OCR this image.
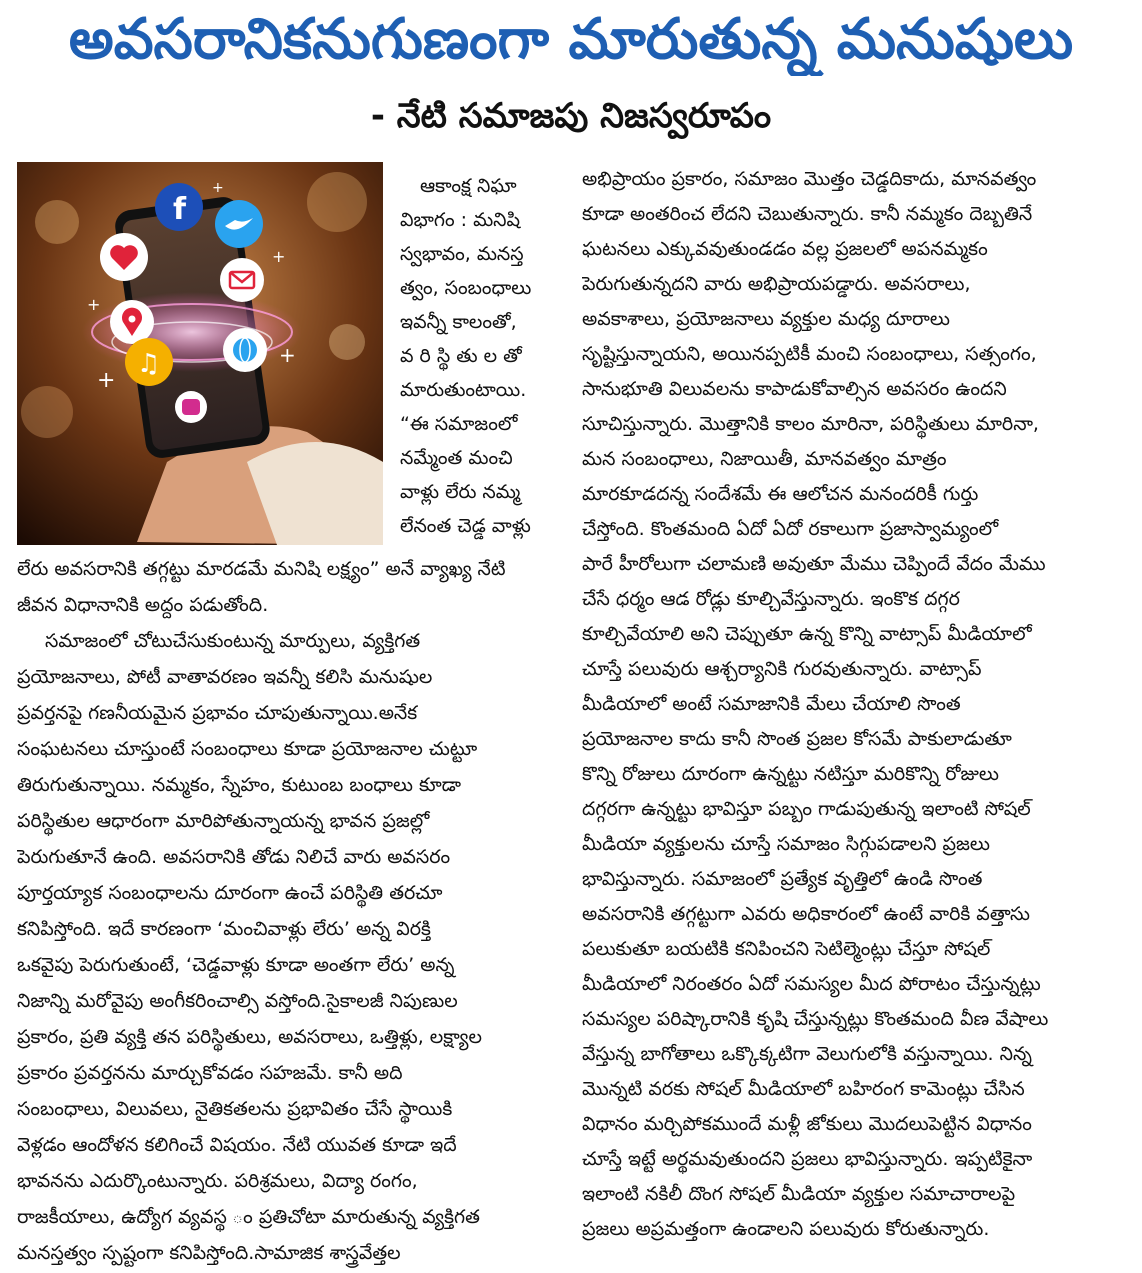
అవసరానికనుగుణంగా మారుతున్న మనుషులు
- నేటి సమాజపు నిజస్వరూపం
f
♫
+
+
+
+
+	ఆకాంక్ష నిఘా
విభాగం : మనిషి
స్వభావం, మనస్త
త్వం, సంబంధాలు
ఇవన్నీ కాలంతో,
వ రి స్థి తు ల తో
మారుతుంటాయి.
“ఈ సమాజంలో
నమ్మేంత మంచి
వాళ్లు లేరు నమ్మ
లేనంత చెడ్డ వాళ్లు
లేరు అవసరానికి తగ్గట్టు మారడమే మనిషి లక్ష్యం” అనే వ్యాఖ్య నేటి
జీవన విధానానికి అద్దం పడుతోంది.
సమాజంలో చోటుచేసుకుంటున్న మార్పులు, వ్యక్తిగత
ప్రయోజనాలు, పోటీ వాతావరణం ఇవన్నీ కలిసి మనుషుల
ప్రవర్తనపై గణనీయమైన ప్రభావం చూపుతున్నాయి.అనేక
సంఘటనలు చూస్తుంటే సంబంధాలు కూడా ప్రయోజనాల చుట్టూ
తిరుగుతున్నాయి. నమ్మకం, స్నేహం, కుటుంబ బంధాలు కూడా
పరిస్థితుల ఆధారంగా మారిపోతున్నాయన్న భావన ప్రజల్లో
పెరుగుతూనే ఉంది. అవసరానికి తోడు నిలిచే వారు అవసరం
పూర్తయ్యాక సంబంధాలను దూరంగా ఉంచే పరిస్థితి తరచూ
కనిపిస్తోంది. ఇదే కారణంగా ‘మంచివాళ్లు లేరు’ అన్న విరక్తి
ఒకవైపు పెరుగుతుంటే, ‘చెడ్డవాళ్లు కూడా అంతగా లేరు’ అన్న
నిజాన్ని మరోవైపు అంగీకరించాల్సి వస్తోంది.సైకాలజీ నిపుణుల
ప్రకారం, ప్రతి వ్యక్తి తన పరిస్థితులు, అవసరాలు, ఒత్తిళ్లు, లక్ష్యాల
ప్రకారం ప్రవర్తనను మార్చుకోవడం సహజమే. కానీ అది
సంబంధాలు, విలువలు, నైతికతలను ప్రభావితం చేసే స్థాయికి
వెళ్లడం ఆందోళన కలిగించే విషయం. నేటి యువత కూడా ఇదే
భావనను ఎదుర్కొంటున్నారు. పరిశ్రమలు, విద్యా రంగం,
రాజకీయాలు, ఉద్యోగ వ్యవస్థ ం ప్రతిచోటా మారుతున్న వ్యక్తిగత
మనస్తత్వం స్పష్టంగా కనిపిస్తోంది.సామాజిక శాస్త్రవేత్తల
అభిప్రాయం ప్రకారం, సమాజం మొత్తం చెడ్డదికాదు, మానవత్వం
కూడా అంతరించ లేదని చెబుతున్నారు. కానీ నమ్మకం దెబ్బతినే
ఘటనలు ఎక్కువవుతుండడం వల్ల ప్రజలలో అపనమ్మకం
పెరుగుతున్నదని వారు అభిప్రాయపడ్డారు. అవసరాలు,
అవకాశాలు, ప్రయోజనాలు వ్యక్తుల మధ్య దూరాలు
సృష్టిస్తున్నాయని, అయినప్పటికీ మంచి సంబంధాలు, సత్సంగం,
సానుభూతి విలువలను కాపాడుకోవాల్సిన అవసరం ఉందని
సూచిస్తున్నారు. మొత్తానికి కాలం మారినా, పరిస్థితులు మారినా,
మన సంబంధాలు, నిజాయితీ, మానవత్వం మాత్రం
మారకూడదన్న సందేశమే ఈ ఆలోచన మనందరికీ గుర్తు
చేస్తోంది. కొంతమంది ఏదో ఏదో రకాలుగా ప్రజాస్వామ్యంలో
పారే హీరోలుగా చలామణి అవుతూ మేము చెప్పిందే వేదం మేము
చేసే ధర్మం ఆడ రోడ్లు కూల్చివేస్తున్నారు. ఇంకొక దగ్గర
కూల్చివేయాలి అని చెప్పుతూ ఉన్న కొన్ని వాట్సాప్ మీడియాలో
చూస్తే పలువురు ఆశ్చర్యానికి గురవుతున్నారు. వాట్సాప్
మీడియాలో అంటే సమాజానికి మేలు చేయాలి సొంత
ప్రయోజనాల కాదు కానీ సొంత ప్రజల కోసమే పాకులాడుతూ
కొన్ని రోజులు దూరంగా ఉన్నట్టు నటిస్తూ మరికొన్ని రోజులు
దగ్గరగా ఉన్నట్టు భావిస్తూ పబ్బం గాడుపుతున్న ఇలాంటి సోషల్
మీడియా వ్యక్తులను చూస్తే సమాజం సిగ్గుపడాలని ప్రజలు
భావిస్తున్నారు. సమాజంలో ప్రత్యేక వృత్తిలో ఉండి సొంత
అవసరానికి తగ్గట్టుగా ఎవరు అధికారంలో ఉంటే వారికి వత్తాసు
పలుకుతూ బయటికి కనిపించని సెటిల్మెంట్లు చేస్తూ సోషల్
మీడియాలో నిరంతరం ఏదో సమస్యల మీద పోరాటం చేస్తున్నట్లు
సమస్యల పరిష్కారానికి కృషి చేస్తున్నట్లు కొంతమంది వీణ వేషాలు
వేస్తున్న బాగోతాలు ఒక్కొక్కటిగా వెలుగులోకి వస్తున్నాయి. నిన్న
మొన్నటి వరకు సోషల్ మీడియాలో బహిరంగ కామెంట్లు చేసిన
విధానం మర్చిపోకముందే మళ్లీ జోకులు మొదలుపెట్టిన విధానం
చూస్తే ఇట్టే అర్థమవుతుందని ప్రజలు భావిస్తున్నారు. ఇప్పటికైనా
ఇలాంటి నకిలీ దొంగ సోషల్ మీడియా వ్యక్తుల సమాచారాలపై
ప్రజలు అప్రమత్తంగా ఉండాలని పలువురు కోరుతున్నారు.
